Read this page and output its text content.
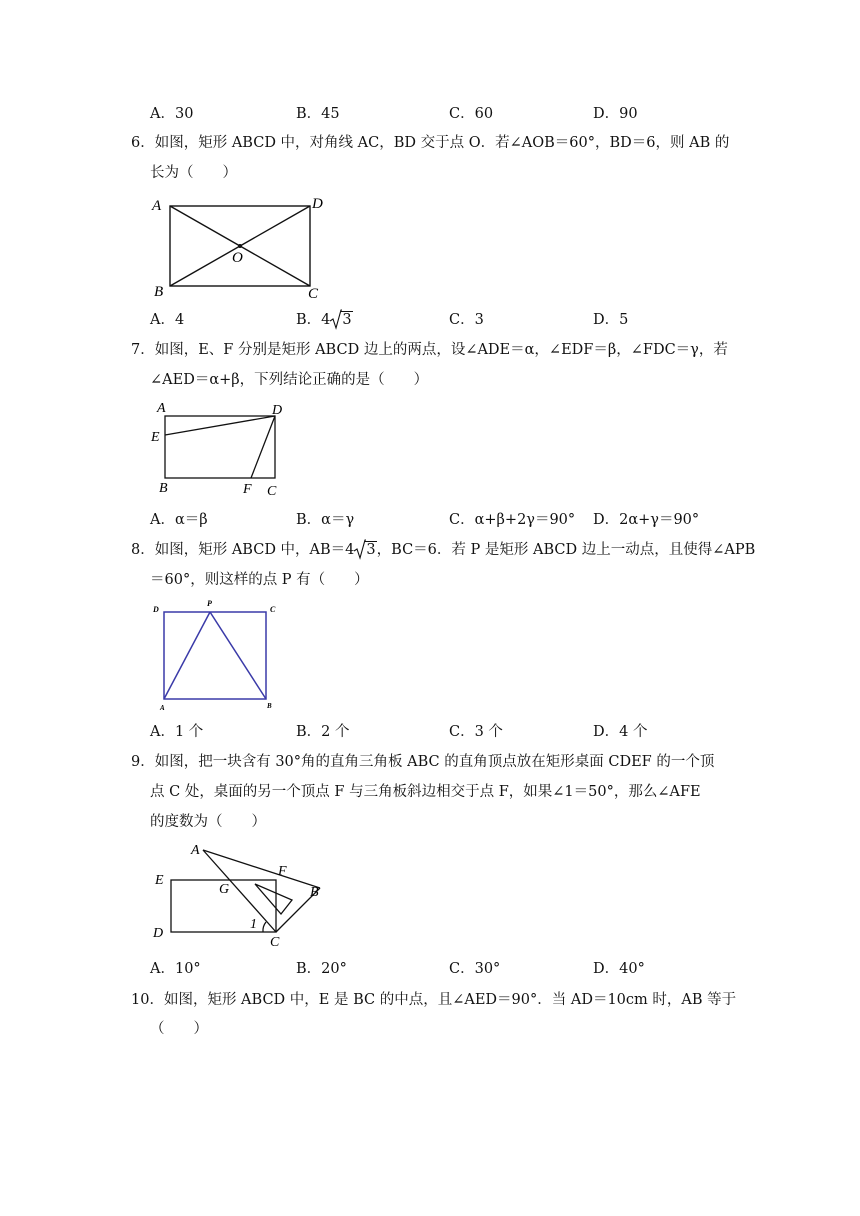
A．30	B．45	C．60	D．90
6．如图，矩形 ABCD 中，对角线 AC，BD 交于点 O．若∠AOB＝60°，BD＝6，则 AB 的
长为（　　）
A	D
O
B	C
A．4	B．4 3	C．3	D．5
7．如图，E、F 分别是矩形 ABCD 边上的两点，设∠ADE＝α，∠EDF＝β，∠FDC＝γ，若
∠AED＝α+β，下列结论正确的是（　　）
A	D
E
B	F C
A．α＝β	B．α＝γ	C．α+β+2γ＝90° D．2α+γ＝90°
8．如图，矩形 ABCD 中，AB＝4 3，BC＝6．若 P 是矩形 ABCD 边上一动点，且使得∠APB
＝60°，则这样的点 P 有（　　）
D
P
C
A	B
A．1 个	B．2 个	C．3 个	D．4 个
9．如图，把一块含有 30°角的直角三角板 ABC 的直角顶点放在矩形桌面 CDEF 的一个顶
点 C 处，桌面的另一个顶点 F 与三角板斜边相交于点 F，如果∠1＝50°，那么∠AFE
的度数为（　　）
A
E
G
F
B
D
1
C
A．10°	B．20°	C．30°	D．40°
10．如图，矩形 ABCD 中，E 是 BC 的中点，且∠AED＝90°．当 AD＝10cm 时，AB 等于
（　　）
